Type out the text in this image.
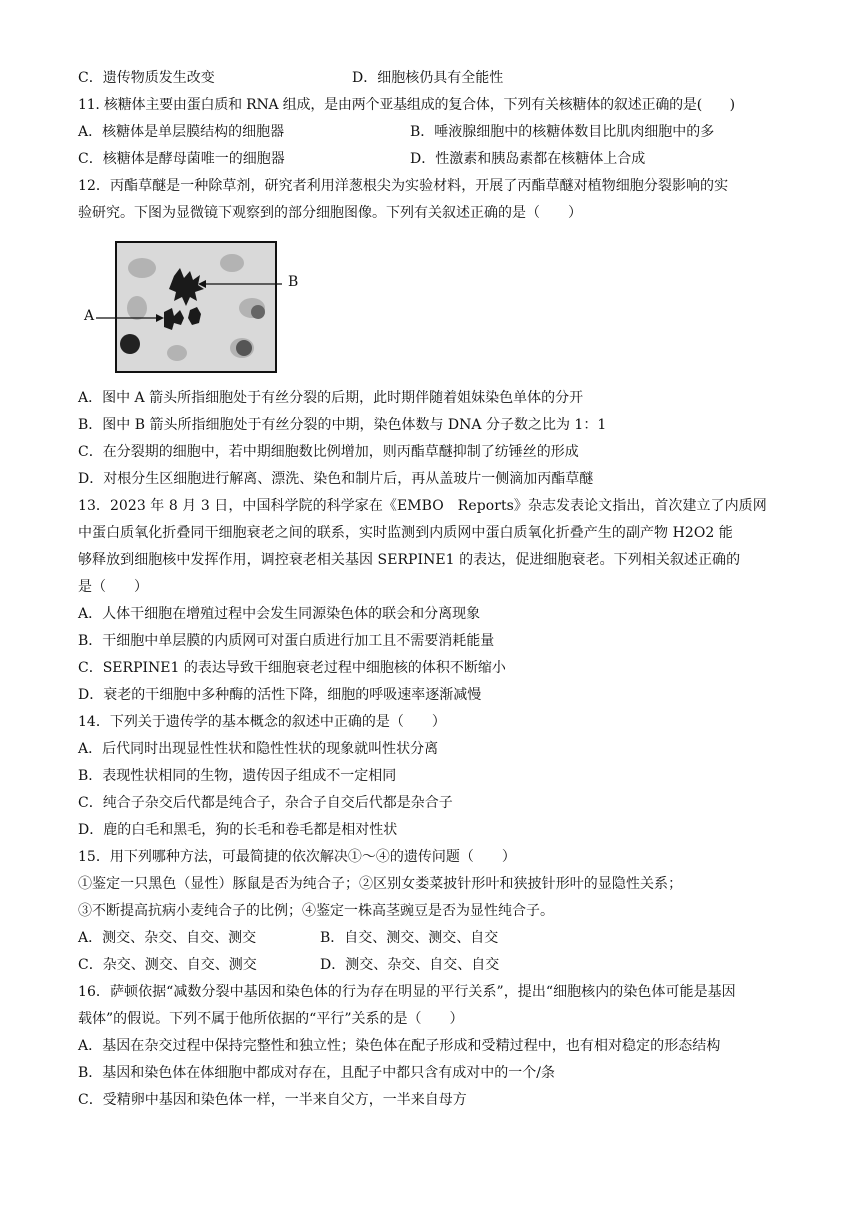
C．遗传物质发生改变	D．细胞核仍具有全能性
11. 核糖体主要由蛋白质和 RNA 组成，是由两个亚基组成的复合体，下列有关核糖体的叙述正确的是(　　)
A．核糖体是单层膜结构的细胞器	B．唾液腺细胞中的核糖体数目比肌肉细胞中的多
C．核糖体是酵母菌唯一的细胞器	D．性激素和胰岛素都在核糖体上合成
12．丙酯草醚是一种除草剂，研究者利用洋葱根尖为实验材料，开展了丙酯草醚对植物细胞分裂影响的实
验研究。下图为显微镜下观察到的部分细胞图像。下列有关叙述正确的是（　　）
B
A
A．图中 A 箭头所指细胞处于有丝分裂的后期，此时期伴随着姐妹染色单体的分开
B．图中 B 箭头所指细胞处于有丝分裂的中期，染色体数与 DNA 分子数之比为 1：1
C．在分裂期的细胞中，若中期细胞数比例增加，则丙酯草醚抑制了纺锤丝的形成
D．对根分生区细胞进行解离、漂洗、染色和制片后，再从盖玻片一侧滴加丙酯草醚
13．2023 年 8 月 3 日，中国科学院的科学家在《EMBO　Reports》杂志发表论文指出，首次建立了内质网
中蛋白质氧化折叠同干细胞衰老之间的联系，实时监测到内质网中蛋白质氧化折叠产生的副产物 H2O2 能
够释放到细胞核中发挥作用，调控衰老相关基因 SERPINE1 的表达，促进细胞衰老。下列相关叙述正确的
是（　　）
A．人体干细胞在增殖过程中会发生同源染色体的联会和分离现象
B．干细胞中单层膜的内质网可对蛋白质进行加工且不需要消耗能量
C．SERPINE1 的表达导致干细胞衰老过程中细胞核的体积不断缩小
D．衰老的干细胞中多种酶的活性下降，细胞的呼吸速率逐渐减慢
14．下列关于遗传学的基本概念的叙述中正确的是（　　）
A．后代同时出现显性性状和隐性性状的现象就叫性状分离
B．表现性状相同的生物，遗传因子组成不一定相同
C．纯合子杂交后代都是纯合子，杂合子自交后代都是杂合子
D．鹿的白毛和黑毛，狗的长毛和卷毛都是相对性状
15．用下列哪种方法，可最简捷的依次解决①～④的遗传问题（　　）
①鉴定一只黑色（显性）豚鼠是否为纯合子；②区别女娄菜披针形叶和狭披针形叶的显隐性关系；
③不断提高抗病小麦纯合子的比例；④鉴定一株高茎豌豆是否为显性纯合子。
A．测交、杂交、自交、测交	B．自交、测交、测交、自交
C．杂交、测交、自交、测交	D．测交、杂交、自交、自交
16．萨顿依据“减数分裂中基因和染色体的行为存在明显的平行关系”，提出“细胞核内的染色体可能是基因
载体”的假说。下列不属于他所依据的“平行”关系的是（　　）
A．基因在杂交过程中保持完整性和独立性；染色体在配子形成和受精过程中，也有相对稳定的形态结构
B．基因和染色体在体细胞中都成对存在，且配子中都只含有成对中的一个/条
C．受精卵中基因和染色体一样，一半来自父方，一半来自母方
